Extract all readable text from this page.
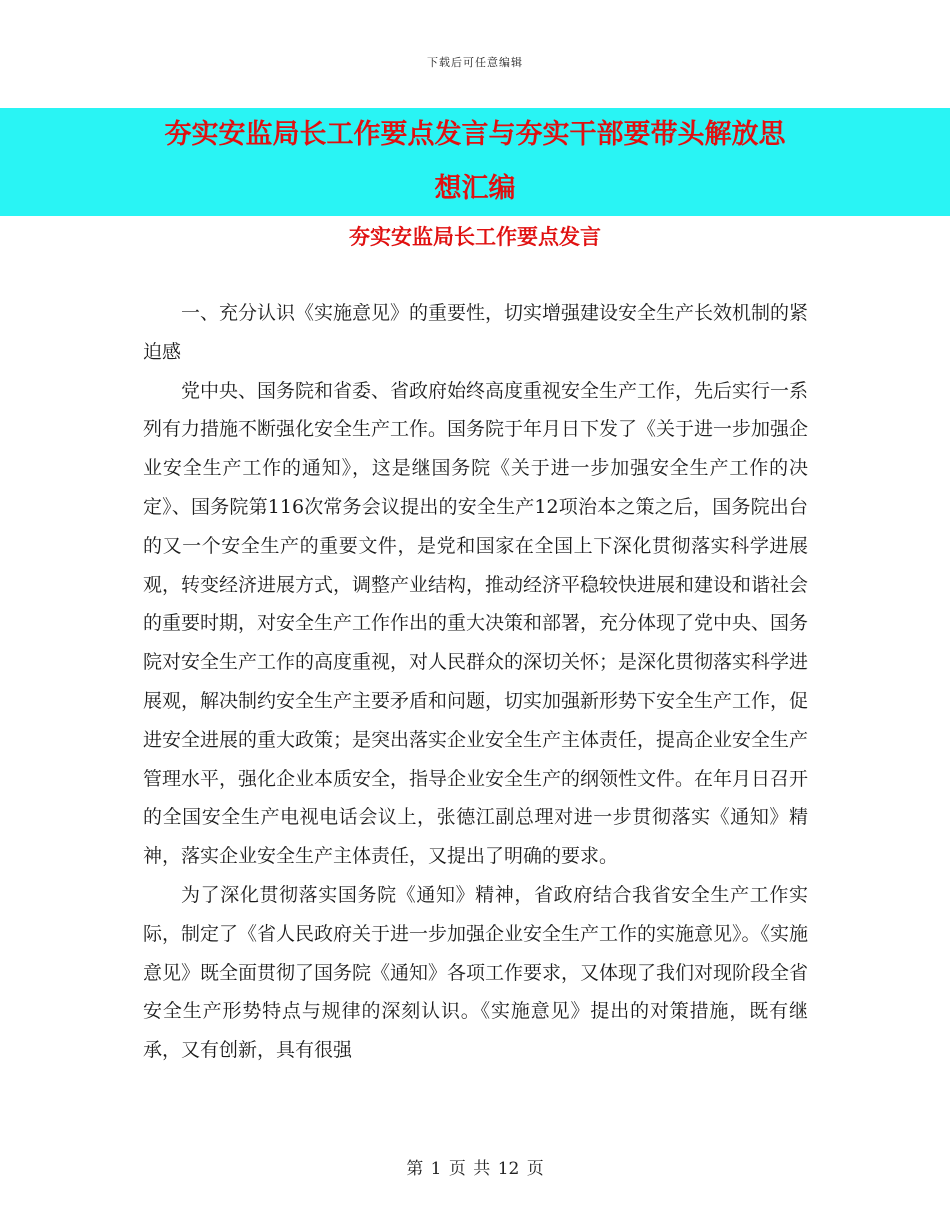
下载后可任意编辑
夯实安监局长工作要点发言与夯实干部要带头解放思
想汇编
夯实安监局长工作要点发言

一、充分认识《实施意见》的重要性，切实增强建设安全生产长效机制的紧迫感

党中央、国务院和省委、省政府始终高度重视安全生产工作，先后实行一系列有力措施不断强化安全生产工作。国务院于年月日下发了《关于进一步加强企业安全生产工作的通知》，这是继国务院《关于进一步加强安全生产工作的决定》、国务院第116次常务会议提出的安全生产12项治本之策之后，国务院出台的又一个安全生产的重要文件，是党和国家在全国上下深化贯彻落实科学进展观，转变经济进展方式，调整产业结构，推动经济平稳较快进展和建设和谐社会的重要时期，对安全生产工作作出的重大决策和部署，充分体现了党中央、国务院对安全生产工作的高度重视，对人民群众的深切关怀；是深化贯彻落实科学进展观，解决制约安全生产主要矛盾和问题，切实加强新形势下安全生产工作，促进安全进展的重大政策；是突出落实企业安全生产主体责任，提高企业安全生产管理水平，强化企业本质安全，指导企业安全生产的纲领性文件。在年月日召开的全国安全生产电视电话会议上，张德江副总理对进一步贯彻落实《通知》精神，落实企业安全生产主体责任，又提出了明确的要求。

为了深化贯彻落实国务院《通知》精神，省政府结合我省安全生产工作实际，制定了《省人民政府关于进一步加强企业安全生产工作的实施意见》。《实施意见》既全面贯彻了国务院《通知》各项工作要求，又体现了我们对现阶段全省安全生产形势特点与规律的深刻认识。《实施意见》提出的对策措施，既有继承，又有创新，具有很强

第 1 页 共 12 页
